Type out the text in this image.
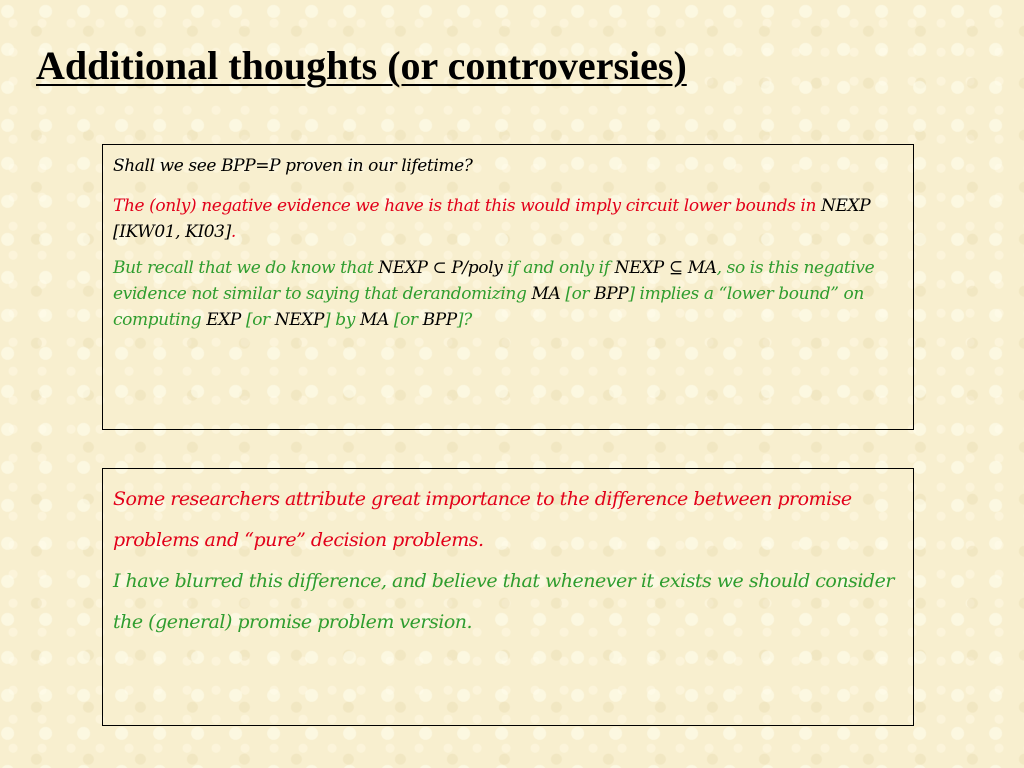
Additional thoughts (or controversies)

Shall we see BPP=P proven in our lifetime?

The (only) negative evidence we have is that this would imply circuit lower bounds in NEXP [IKW01, KI03].

But recall that we do know that NEXP ⊂ P/poly if and only if NEXP ⊆ MA, so is this negative evidence not similar to saying that derandomizing MA [or BPP] implies a “lower bound” on computing EXP [or NEXP] by MA [or BPP]?

Some researchers attribute great importance to the difference between promise problems and “pure” decision problems.

I have blurred this difference, and believe that whenever it exists we should consider the (general) promise problem version.
